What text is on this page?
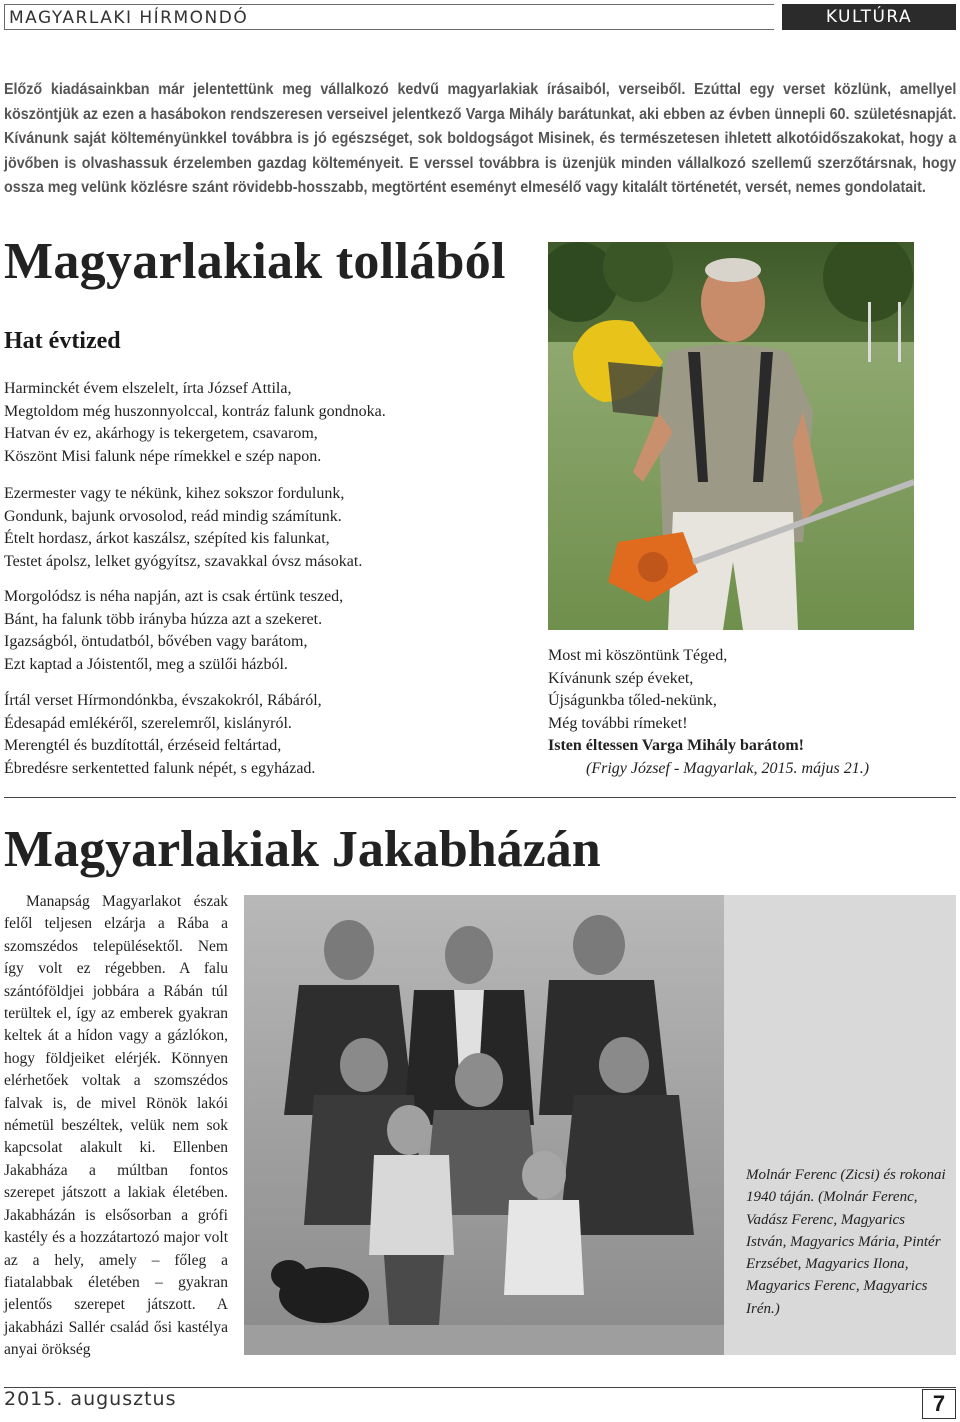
MAGYARLAKI HÍRMONDÓ	KULTÚRA

Előző kiadásainkban már jelentettünk meg vállalkozó kedvű magyarlakiak írásaiból, verseiből. Ezúttal egy verset közlünk, amellyel köszöntjük az ezen a hasábokon rendszeresen verseivel jelentkező Varga Mihály barátunkat, aki ebben az évben ünnepli 60. születésnapját. Kívánunk saját költeményünkkel továbbra is jó egészséget, sok boldogságot Misinek, és természetesen ihletett alkotóidőszakokat, hogy a jövőben is olvashassuk érzelemben gazdag költeményeit. E verssel továbbra is üzenjük minden vállalkozó szellemű szerzőtársnak, hogy ossza meg velünk közlésre szánt rövidebb-hosszabb, megtörtént eseményt elmesélő vagy kitalált történetét, versét, nemes gondolatait.

Magyarlakiak tollából
Hat évtized
Harminckét évem elszelelt, írta József Attila,
Megtoldom még huszonnyolccal, kontráz falunk gondnoka.
Hatvan év ez, akárhogy is tekergetem, csavarom,
Köszönt Misi falunk népe rímekkel e szép napon.
Ezermester vagy te nékünk, kihez sokszor fordulunk,
Gondunk, bajunk orvosolod, reád mindig számítunk.
Ételt hordasz, árkot kaszálsz, szépíted kis falunkat,
Testet ápolsz, lelket gyógyítsz, szavakkal óvsz másokat.
Morgolódsz is néha napján, azt is csak értünk teszed,
Bánt, ha falunk több irányba húzza azt a szekeret.
Igazságból, öntudatból, bővében vagy barátom,
Ezt kaptad a Jóistentől, meg a szülői házból.
Írtál verset Hírmondónkba, évszakokról, Rábáról,
Édesapád emlékéről, szerelemről, kislányról.
Merengtél és buzdítottál, érzéseid feltártad,
Ébredésre serkentetted falunk népét, s egyházad.
Most mi köszöntünk Téged,
Kívánunk szép éveket,
Újságunkba tőled-nekünk,
Még további rímeket!
Isten éltessen Varga Mihály barátom!
(Frigy József - Magyarlak, 2015. május 21.)
Magyarlakiak Jakabházán

Manapság Magyarlakot észak felől teljesen elzárja a Rába a szomszédos településektől. Nem így volt ez régebben. A falu szántóföldjei jobbára a Rábán túl terültek el, így az emberek gyakran keltek át a hídon vagy a gázlókon, hogy földjeiket elérjék. Könnyen elérhetőek voltak a szomszédos falvak is, de mivel Rönök lakói németül beszéltek, velük nem sok kapcsolat alakult ki. Ellenben Jakabháza a múltban fontos szerepet játszott a lakiak életében. Jakabházán is elsősorban a grófi kastély és a hozzátartozó major volt az a hely, amely – főleg a fiatalabbak életében – gyakran jelentős szerepet játszott. A jakabházi Sallér család ősi kastélya anyai örökség

Molnár Ferenc (Zicsi) és rokonai 1940 táján. (Molnár Ferenc, Vadász Ferenc, Magyarics István, Magyarics Mária, Pintér Erzsébet, Magyarics Ilona, Magyarics Ferenc, Magyarics Irén.)

2015. augusztus	7
